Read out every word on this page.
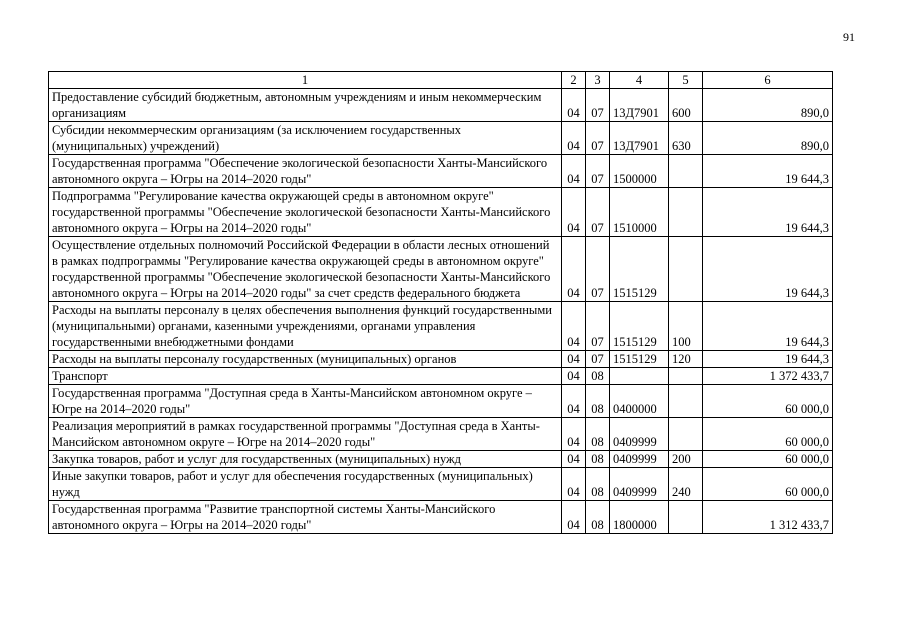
91
1	2	3	4	5	6
Предоставление субсидий бюджетным, автономным учреждениям и иным некоммерческим организациям	04	07	13Д7901	600	890,0
Субсидии некоммерческим организациям (за исключением государственных (муниципальных) учреждений)	04	07	13Д7901	630	890,0
Государственная программа "Обеспечение экологической безопасности Ханты-Мансийского автономного округа – Югры на 2014–2020 годы"	04	07	1500000		19 644,3
Подпрограмма "Регулирование качества окружающей среды в автономном округе" государственной программы "Обеспечение экологической безопасности Ханты-Мансийского автономного округа – Югры на 2014–2020 годы"	04	07	1510000		19 644,3
Осуществление отдельных полномочий Российской Федерации в области лесных отношений в рамках подпрограммы "Регулирование качества окружающей среды в автономном округе" государственной программы "Обеспечение экологической безопасности Ханты-Мансийского автономного округа – Югры на 2014–2020 годы" за счет средств федерального бюджета	04	07	1515129		19 644,3
Расходы на выплаты персоналу в целях обеспечения выполнения функций государственными (муниципальными) органами, казенными учреждениями, органами управления государственными внебюджетными фондами	04	07	1515129	100	19 644,3
Расходы на выплаты персоналу государственных (муниципальных) органов	04	07	1515129	120	19 644,3
Транспорт	04	08			1 372 433,7
Государственная программа "Доступная среда в Ханты-Мансийском автономном округе – Югре на 2014–2020 годы"	04	08	0400000		60 000,0
Реализация мероприятий в рамках государственной программы "Доступная среда в Ханты-Мансийском автономном округе – Югре на 2014–2020 годы"	04	08	0409999		60 000,0
Закупка товаров, работ и услуг для государственных (муниципальных) нужд	04	08	0409999	200	60 000,0
Иные закупки товаров, работ и услуг для обеспечения государственных (муниципальных) нужд	04	08	0409999	240	60 000,0
Государственная программа "Развитие транспортной системы Ханты-Мансийского автономного округа – Югры на 2014–2020 годы"	04	08	1800000		1 312 433,7
